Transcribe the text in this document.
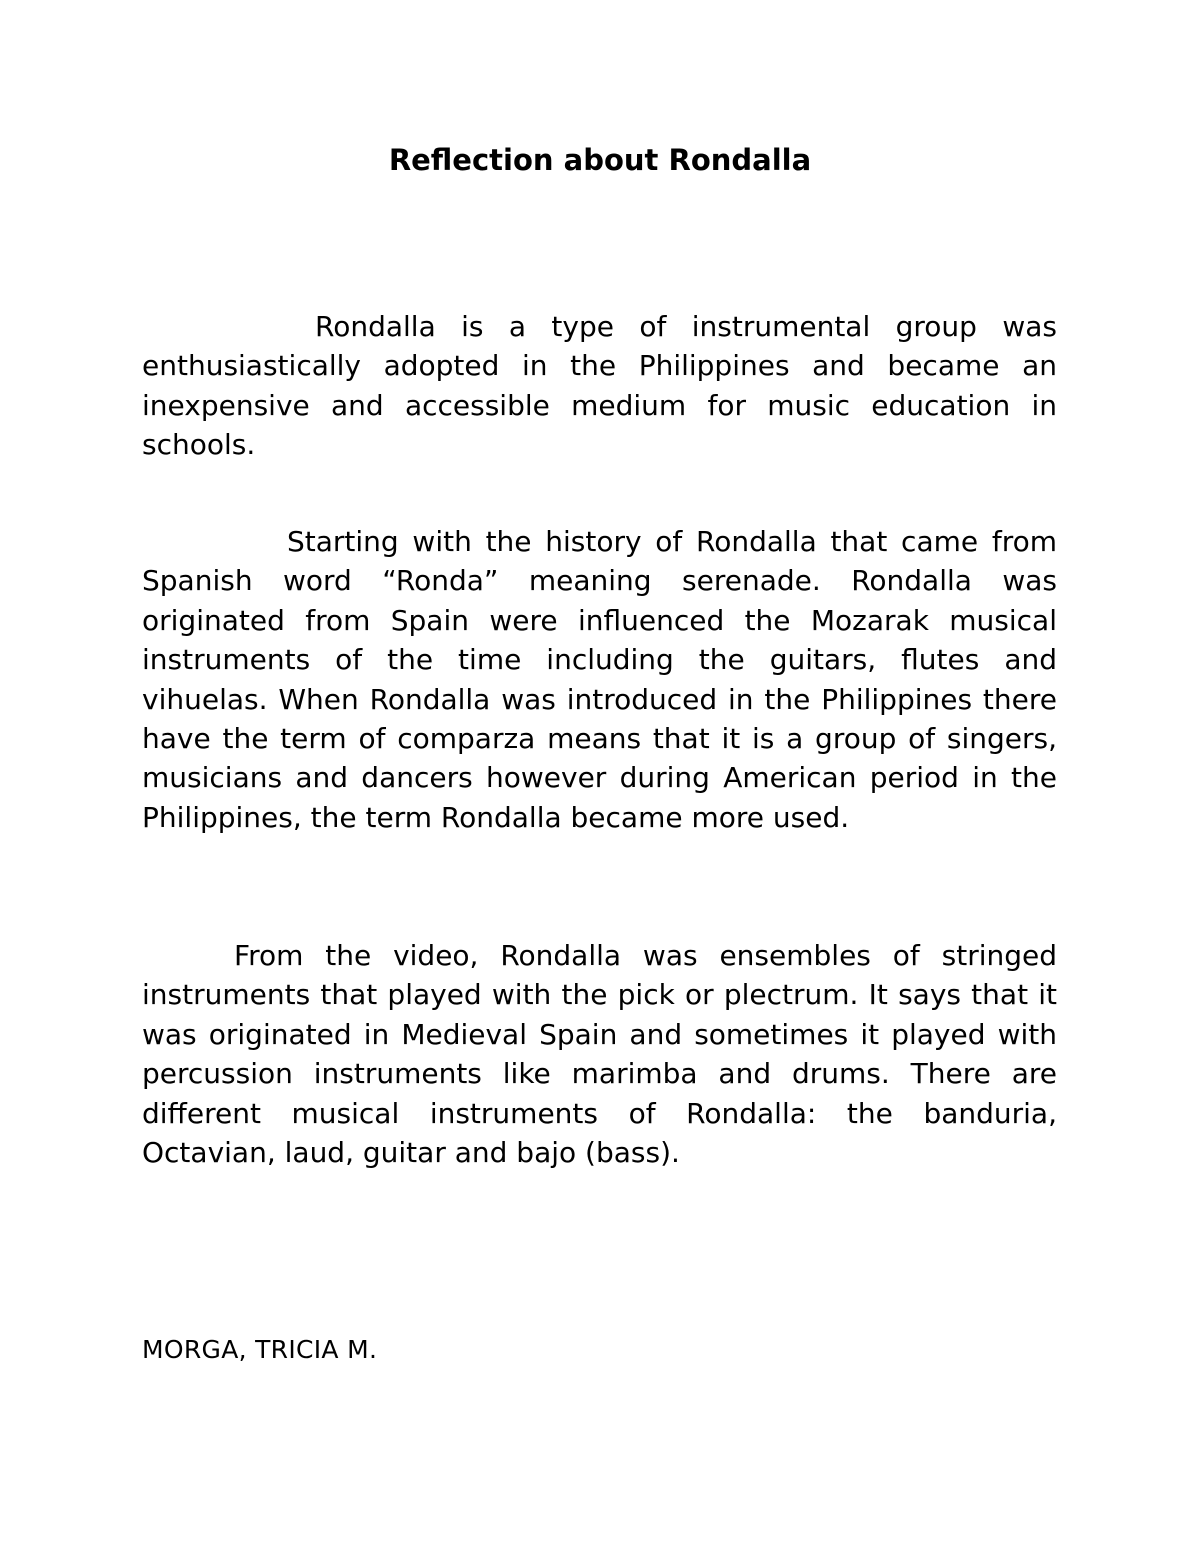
Reflection about Rondalla

Rondalla is a type of instrumental group was enthusiastically adopted in the Philippines and became an inexpensive and accessible medium for music education in schools.

Starting with the history of Rondalla that came from Spanish word “Ronda” meaning serenade. Rondalla was originated from Spain were influenced the Mozarak musical instruments of the time including the guitars, flutes and vihuelas. When Rondalla was introduced in the Philippines there have the term of comparza means that it is a group of singers, musicians and dancers however during American period in the Philippines, the term Rondalla became more used.

From the video, Rondalla was ensembles of stringed instruments that played with the pick or plectrum. It says that it was originated in Medieval Spain and sometimes it played with percussion instruments like marimba and drums. There are different musical instruments of Rondalla: the banduria, Octavian, laud, guitar and bajo (bass).

MORGA, TRICIA M.
